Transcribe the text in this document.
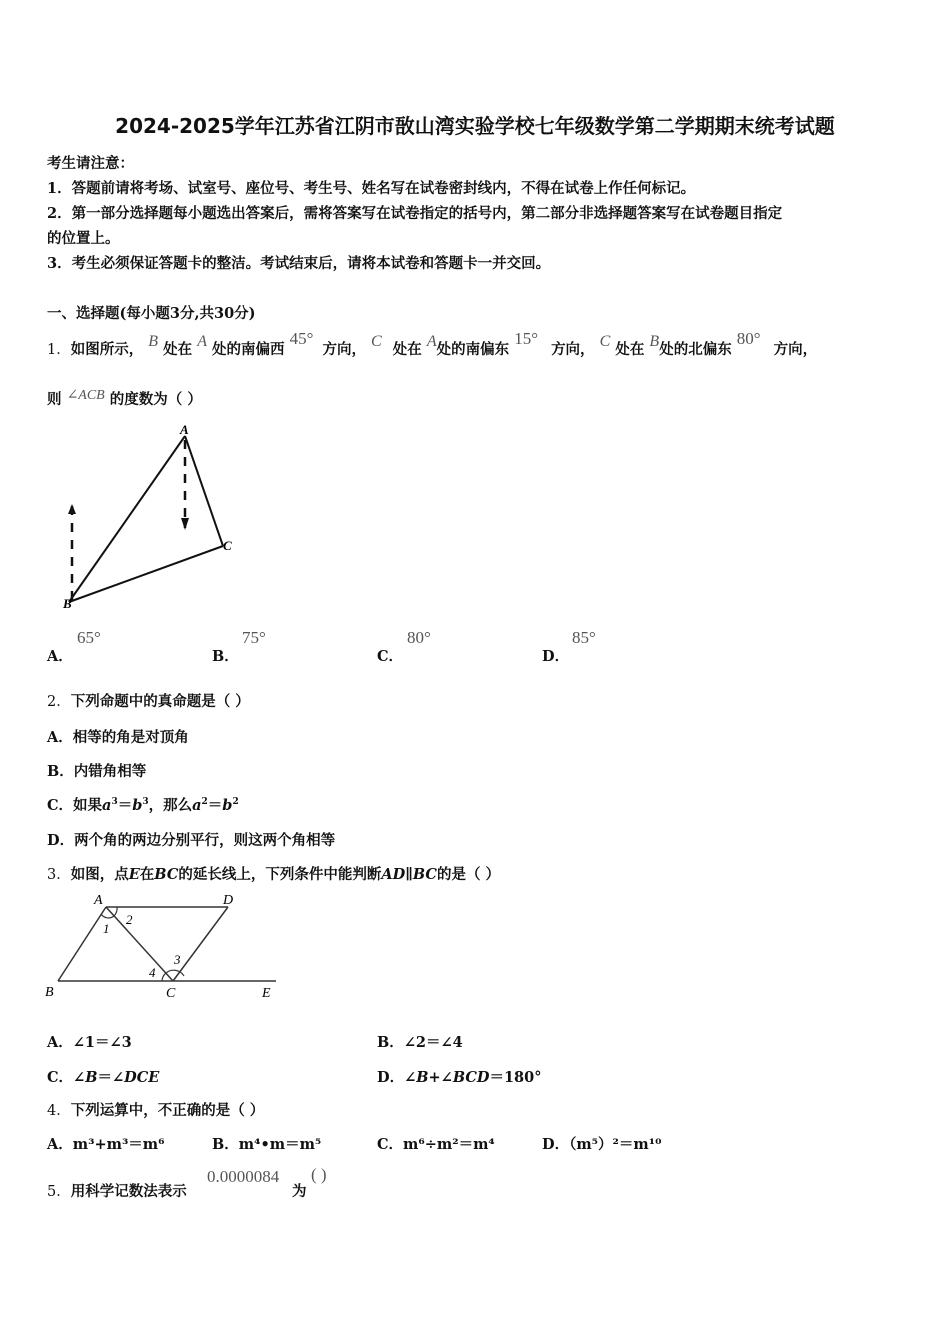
2024-2025学年江苏省江阴市敔山湾实验学校七年级数学第二学期期末统考试题
考生请注意：
1．答题前请将考场、试室号、座位号、考生号、姓名写在试卷密封线内，不得在试卷上作任何标记。
2．第一部分选择题每小题选出答案后，需将答案写在试卷指定的括号内，第二部分非选择题答案写在试卷题目指定
的位置上。
3．考生必须保证答题卡的整洁。考试结束后，请将本试卷和答题卡一并交回。
一、选择题(每小题3分,共30分)
1．如图所示， B 处在 A 处的南偏西 45° 方向， C 处在 A处的南偏东 15° 方向， C 处在 B处的北偏东 80° 方向，
则 ∠ACB 的度数为（ ）
A
B
C
A．
65°
B．
75°
C．
80°
D．
85°
2．下列命题中的真命题是（ ）
A．相等的角是对顶角
B．内错角相等
C．如果$a^3=b^3$，那么$a^2=b^2$
D．两个角的两边分别平行，则这两个角相等
3．如图，点E在BC的延长线上，下列条件中能判断AD∥BC的是（ ）
A	D
B	C	E
1
2
3
4
A．∠1＝∠3	B．∠2＝∠4
C．∠B＝∠DCE	D．∠B+∠BCD＝180°
4．下列运算中，不正确的是（ ）
A．m³+m³＝m⁶	B．m⁴•m＝m⁵	C．m⁶÷m²＝m⁴	D．（m⁵）²＝m¹⁰
5．用科学记数法表示
0.0000084
为
( )
